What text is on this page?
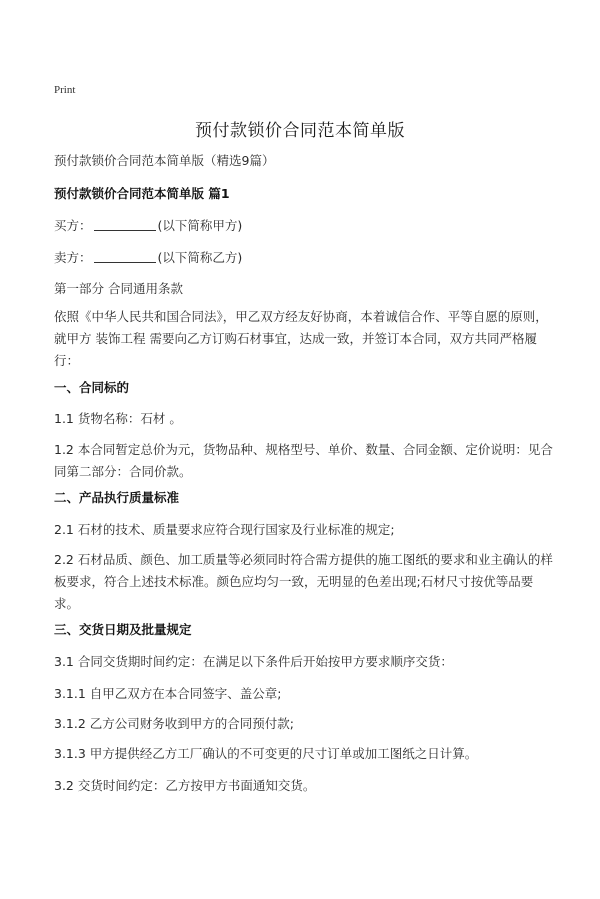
Print
预付款锁价合同范本简单版
预付款锁价合同范本简单版（精选9篇）
预付款锁价合同范本简单版 篇1
买方：	(以下简称甲方)
卖方：	(以下简称乙方)
第一部分 合同通用条款
依照《中华人民共和国合同法》，甲乙双方经友好协商，本着诚信合作、平等自愿的原则，就甲方 装饰工程 需要向乙方订购石材事宜，达成一致，并签订本合同，双方共同严格履行：
一、合同标的
1.1 货物名称：石材 。
1.2 本合同暂定总价为元，货物品种、规格型号、单价、数量、合同金额、定价说明：见合同第二部分：合同价款。
二、产品执行质量标准
2.1 石材的技术、质量要求应符合现行国家及行业标准的规定;
2.2 石材品质、颜色、加工质量等必须同时符合需方提供的施工图纸的要求和业主确认的样板要求，符合上述技术标准。颜色应均匀一致，无明显的色差出现;石材尺寸按优等品要求。
三、交货日期及批量规定
3.1 合同交货期时间约定：在满足以下条件后开始按甲方要求顺序交货：
3.1.1 自甲乙双方在本合同签字、盖公章;
3.1.2 乙方公司财务收到甲方的合同预付款;
3.1.3 甲方提供经乙方工厂确认的不可变更的尺寸订单或加工图纸之日计算。
3.2 交货时间约定：乙方按甲方书面通知交货。
